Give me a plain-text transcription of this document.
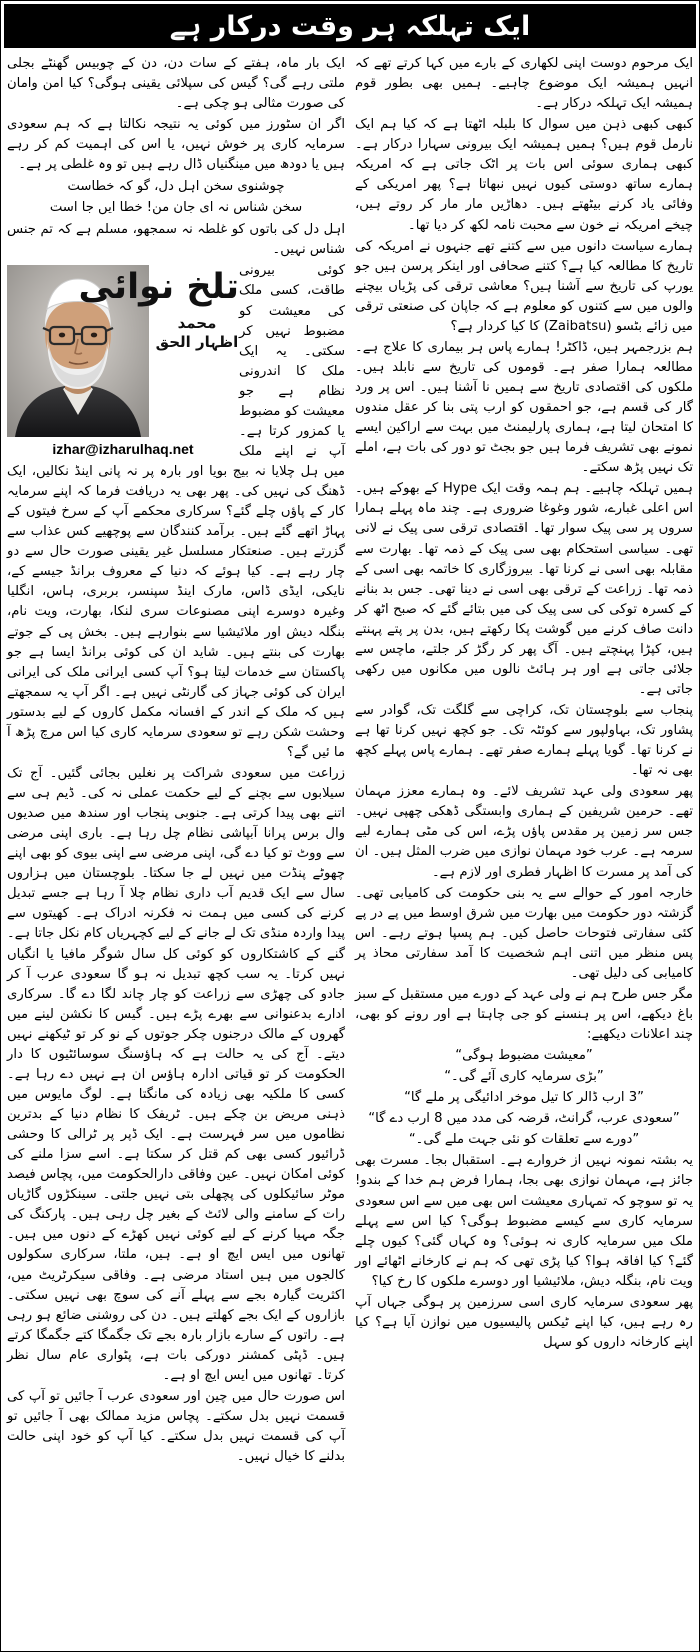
ایک تہلکہ ہر وقت درکار ہے

ایک مرحوم دوست اپنی لکھاری کے بارے میں کہا کرتے تھے کہ انہیں ہمیشہ ایک موضوع چاہیے۔ ہمیں بھی بطور قوم ہمیشہ ایک تہلکہ درکار ہے۔

کبھی کبھی ذہن میں سوال کا بلبلہ اٹھتا ہے کہ کیا ہم ایک نارمل قوم ہیں؟ ہمیں ہمیشہ ایک بیرونی سہارا درکار ہے۔ کبھی ہماری سوئی اس بات پر اٹک جاتی ہے کہ امریکہ ہمارے ساتھ دوستی کیوں نہیں نبھاتا ہے؟ پھر امریکی کے وفائی یاد کرنے بیٹھتے ہیں۔ دھاڑیں مار مار کر روتے ہیں، چیخے امریکہ نے خون سے محبت نامہ لکھ کر دیا تھا۔

ہمارے سیاست دانوں میں سے کتنے تھے جنہوں نے امریکہ کی تاریخ کا مطالعہ کیا ہے؟ کتنے صحافی اور اینکر پرسن ہیں جو یورپ کی تاریخ سے آشنا ہیں؟ معاشی ترقی کی پڑیاں بیچنے والوں میں سے کتنوں کو معلوم ہے کہ جاپان کی صنعتی ترقی میں زائے بٹسو (Zaibatsu) کا کیا کردار ہے؟

ہم بزرجمہر ہیں، ڈاکٹر! ہمارے پاس ہر بیماری کا علاج ہے۔ مطالعہ ہمارا صفر ہے۔ قوموں کی تاریخ سے نابلد ہیں۔ ملکوں کی اقتصادی تاریخ سے ہمیں نا آشنا ہیں۔ اس پر ورد گار کی قسم ہے، جو احمقوں کو ارب پتی بنا کر عقل مندوں کا امتحان لیتا ہے، ہماری پارلیمنٹ میں بہت سے اراکین ایسے نمونے بھی تشریف فرما ہیں جو بجٹ تو دور کی بات ہے، املے تک نہیں پڑھ سکتے۔

ہمیں تہلکہ چاہیے۔ ہم ہمہ وقت ایک Hype کے بھوکے ہیں۔ اس اعلی غبارے، شور وغوغا ضروری ہے۔ چند ماہ پہلے ہمارا سروں پر سی پیک سوار تھا۔ اقتصادی ترقی سی پیک نے لانی تھی۔ سیاسی استحکام بھی سی پیک کے ذمہ تھا۔ بھارت سے مقابلہ بھی اسی نے کرنا تھا۔ بیروزگاری کا خاتمہ بھی اسی کے ذمہ تھا۔ زراعت کے ترقی بھی اسی نے دینا تھی۔ جس بد بنانے کے کسرہ توکی کی سی پیک کی میں بتائے گئے کہ صبح اٹھ کر دانت صاف کرنے میں گوشت پکا رکھتے ہیں، بدن پر پتے پہنتے ہیں، کپڑا پہنچتے ہیں۔ آگ پھر کر رگڑ کر جلتے، ماچس سے جلائی جاتی ہے اور ہر ہائٹ نالوں میں مکانوں میں رکھی جاتی ہے۔

پنجاب سے بلوچستان تک، کراچی سے گلگت تک، گوادر سے پشاور تک، بہاولپور سے کوئٹہ تک۔ جو کچھ نہیں کرنا تھا ہے نے کرنا تھا۔ گویا پہلے ہمارے صفر تھے۔ ہمارے پاس پہلے کچھ بھی نہ تھا۔

پھر سعودی ولی عہد تشریف لائے۔ وہ ہمارے معزز مہمان تھے۔ حرمین شریفین کے ہماری وابستگی ڈھکی چھپی نہیں۔ جس سر زمین پر مقدس پاؤں پڑے، اس کی مٹی ہمارے لیے سرمہ ہے۔ عرب خود مہمان نوازی میں ضرب المثل ہیں۔ ان کی آمد پر مسرت کا اظہار فطری اور لازم ہے۔

خارجہ امور کے حوالے سے یہ بنی حکومت کی کامیابی تھی۔ گزشتہ دور حکومت میں بھارت میں شرق اوسط میں پے در پے کئی سفارتی فتوحات حاصل کیں۔ ہم پسپا ہوتے رہے۔ اس پس منظر میں اتنی اہم شخصیت کا آمد سفارتی محاذ پر کامیابی کی دلیل تھی۔

مگر جس طرح ہم نے ولی عہد کے دورے میں مستقبل کے سبز باغ دیکھے، اس پر ہنسنے کو جی چاہتا ہے اور رونے کو بھی، چند اعلانات دیکھیے:

”معیشت مضبوط ہوگی“

”بڑی سرمایہ کاری آئے گی۔“

”3 ارب ڈالر کا تیل موخر ادائیگی پر ملے گا“

”سعودی عرب، گرانٹ، قرضہ کی مدد میں 8 ارب دے گا“

”دورے سے تعلقات کو نئی جہت ملے گی۔“

یہ بشتہ نمونہ نہیں از خروارے ہے۔ استقبال بجا۔ مسرت بھی جائز ہے، مہمان نوازی بھی بجا، ہمارا فرض ہم خدا کے بندو! یہ تو سوچو کہ تمہاری معیشت اس بھی میں سے اس سعودی سرمایہ کاری سے کیسے مضبوط ہوگی؟ کیا اس سے پہلے ملک میں سرمایہ کاری نہ ہوئی؟ وہ کہاں گئی؟ کیوں چلے گئے؟ کیا افاقہ ہوا؟ کیا پڑی تھی کہ ہم نے کارخانے اٹھائے اور ویت نام، بنگلہ دیش، ملائیشیا اور دوسرے ملکوں کا رخ کیا؟

پھر سعودی سرمایہ کاری اسی سرزمین پر ہوگی جہاں آپ رہ رہے ہیں، کیا اپنے ٹیکس پالیسیوں میں نوازن آیا ہے؟ کیا اپنے کارخانہ داروں کو سہل

ایک بار ماہ، ہفتے کے سات دن، دن کے چوبیس گھنٹے بجلی ملتی رہے گی؟ گیس کی سپلائی یقینی ہوگی؟ کیا امن وامان کی صورت مثالی ہو چکی ہے۔

اگر ان سٹورز میں کوئی یہ نتیجہ نکالتا ہے کہ ہم سعودی سرمایہ کاری پر خوش نہیں، یا اس کی اہمیت کم کر رہے ہیں یا دودھ میں مینگنیاں ڈال رہے ہیں تو وہ غلطی پر ہے۔

چوشنوی سخن اہل دل، گو کہ خطاست
سخن شناس نہ ای جان من! خطا ایں جا است

اہل دل کی باتوں کو غلطہ نہ سمجھو، مسلم ہے کہ تم جنس شناس نہیں۔

تلخ نوائی
محمد اظہار الحق
izhar@izharulhaq.net

کوئی بیرونی طاقت، کسی ملک کی معیشت کو مضبوط نہیں کر سکتی۔ یہ ایک ملک کا اندرونی نظام ہے جو معیشت کو مضبوط یا کمزور کرتا ہے۔ آپ نے اپنے ملک میں ہل چلایا نہ بیج بویا اور بارہ پر نہ پانی اینڈ نکالیں، ایک ڈھنگ کی نہیں کی۔ پھر بھی یہ دریافت فرما کہ اپنے سرمایہ کار کے پاؤں چلے گئے؟ سرکاری محکمے آپ کے سرخ فیتوں کے پہاڑ اتھے گئے ہیں۔ برآمد کنندگان سے پوچھیے کس عذاب سے گزرتے ہیں۔ صنعتکار مسلسل غیر یقینی صورت حال سے دو چار رہے ہے۔ کیا ہوئے کہ دنیا کے معروف برانڈ جیسے کے، نایکی، ایڈی ڈاس، مارک اینڈ سپنسر، بربری، ہاس، انگلیا وغیرہ دوسرے اپنی مصنوعات سری لنکا، بھارت، ویت نام، بنگلہ دیش اور ملائیشیا سے بنوارہے ہیں۔ بخش پی کے جوتے بھارت کی بنتے ہیں۔ شاید ان کی کوئی برانڈ ایسا ہے جو پاکستان سے خدمات لیتا ہو؟ آپ کسی ایرانی ملک کی ایرانی ایران کی کوئی جہاز کی گارنٹی نہیں ہے۔ اگر آپ یہ سمجھتے ہیں کہ ملک کے اندر کے افسانہ مکمل کاروں کے لیے بدستور وحشت شکن رہے تو سعودی سرمایہ کاری کیا اس مرچ پڑھ آ ما ئیں گے؟

زراعت میں سعودی شراکت پر نغلیں بجائی گئیں۔ آج تک سیلابوں سے بچنے کے لیے حکمت عملی نہ کی۔ ڈیم ہی سے اتنے بھی پیدا کرتی ہے۔ جنوبی پنجاب اور سندھ میں صدیوں وال برس پرانا آبپاشی نظام چل رہا ہے۔ باری اپنی مرضی سے ووٹ تو کیا دے گی، اپنی مرضی سے اپنی بیوی کو بھی اپنے چھوٹے پنڈت میں نہیں لے جا سکتا۔ بلوچستان میں ہزاروں سال سے ایک قدیم آب داری نظام چلا آ رہا ہے جسے تبدیل کرنے کی کسی میں ہمت نہ فکرنہ ادراک ہے۔ کھیتوں سے پیدا واردہ منڈی تک لے جانے کے لیے کچہریاں کام نکل جاتا ہے۔ گنے کے کاشتکاروں کو کوئی کل سال شوگر مافیا یا انگیاں نہیں کرتا۔ یہ سب کچھ تبدیل نہ ہو گا سعودی عرب آ کر جادو کی چھڑی سے زراعت کو چار چاند لگا دے گا۔ سرکاری ادارے بدعنوانی سے بھرے پڑے ہیں۔ گیس کا نکشن لینے میں گھروں کے مالک درجنوں چکر جوتوں کے نو کر تو ٹیکھنے نہیں دیتے۔ آج کی یہ حالت ہے کہ ہاؤسنگ سوسائٹیوں کا دار الحکومت کر تو قیاتی ادارہ ہاؤس ان ہے نہیں دے رہا ہے۔ کسی کا ملکیہ بھی زیادہ کی مانگتا ہے۔ لوگ مایوس میں ذہنی مریض بن چکے ہیں۔ ٹریفک کا نظام دنیا کے بدترین نظاموں میں سر فہرست ہے۔ ایک ڈپر پر ٹرالی کا وحشی ڈرائیور کسی بھی کم قتل کر سکتا ہے۔ اسے سزا ملنے کی کوئی امکان نہیں۔ عین وفاقی دارالحکومت میں، پچاس فیصد موٹر سائیکلوں کی پچھلی بتی نہیں جلتی۔ سینکڑوں گاڑیاں رات کے سامنے والی لائٹ کے بغیر چل رہی ہیں۔ پارکنگ کی جگہ مہیا کرنے کے لیے کوئی نہیں کھڑے کے دنوں میں ہیں۔ تھانوں میں ایس ایچ او ہے۔ ہیں، ملتا، سرکاری سکولوں کالجوں میں ہیں استاد مرضی ہے۔ وفاقی سیکرٹریٹ میں، اکثریت گیارہ بجے سے پہلے آنے کی سوچ بھی نہیں سکتی۔ بازاروں کے ایک بجے کھلتے ہیں۔ دن کی روشنی ضائع ہو رہی ہے۔ راتوں کے سارے بازار بارہ بجے تک جگمگا کتے جگمگا کرتے ہیں۔ ڈپٹی کمشنر دورکی بات ہے، پٹواری عام سال نظر کرتا۔ تھانوں میں ایس ایچ او ہے۔

اس صورت حال میں چین اور سعودی عرب آ جائیں تو آپ کی قسمت نہیں بدل سکتے۔ پچاس مزید ممالک بھی آ جائیں تو آپ کی قسمت نہیں بدل سکتے۔ کیا آپ کو خود اپنی حالت بدلنے کا خیال نہیں۔
